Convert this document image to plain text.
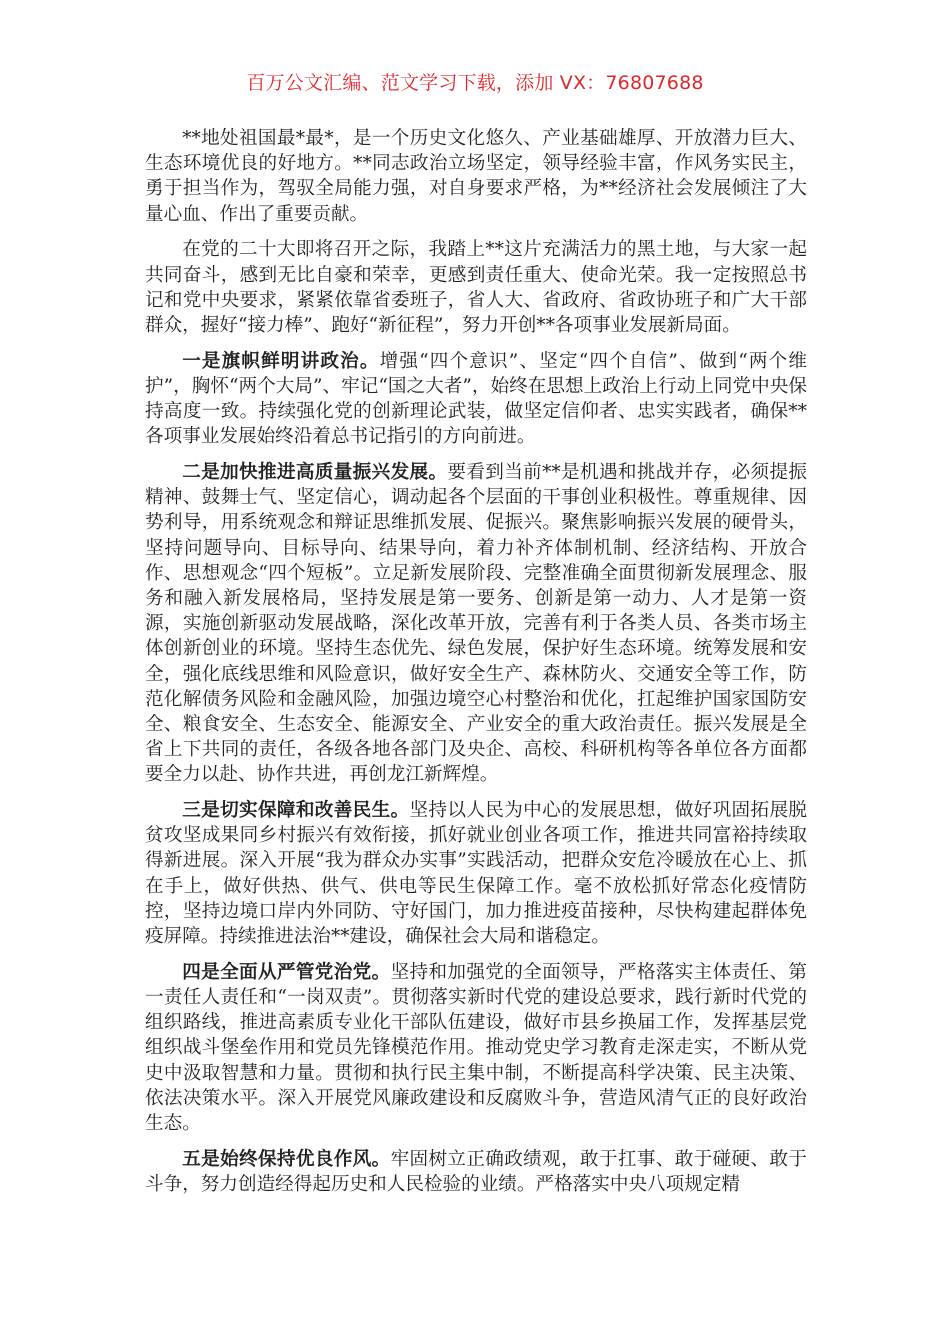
百万公文汇编、范文学习下载，添加 VX：76807688

**地处祖国最*最*，是一个历史文化悠久、产业基础雄厚、开放潜力巨大、生态环境优良的好地方。**同志政治立场坚定，领导经验丰富，作风务实民主，勇于担当作为，驾驭全局能力强，对自身要求严格，为**经济社会发展倾注了大量心血、作出了重要贡献。

在党的二十大即将召开之际，我踏上**这片充满活力的黑土地，与大家一起共同奋斗，感到无比自豪和荣幸，更感到责任重大、使命光荣。我一定按照总书记和党中央要求，紧紧依靠省委班子，省人大、省政府、省政协班子和广大干部群众，握好“接力棒”、跑好“新征程”，努力开创**各项事业发展新局面。

一是旗帜鲜明讲政治。增强“四个意识”、坚定“四个自信”、做到“两个维护”，胸怀“两个大局”、牢记“国之大者”，始终在思想上政治上行动上同党中央保持高度一致。持续强化党的创新理论武装，做坚定信仰者、忠实实践者，确保**各项事业发展始终沿着总书记指引的方向前进。

二是加快推进高质量振兴发展。要看到当前**是机遇和挑战并存，必须提振精神、鼓舞士气、坚定信心，调动起各个层面的干事创业积极性。尊重规律、因势利导，用系统观念和辩证思维抓发展、促振兴。聚焦影响振兴发展的硬骨头，坚持问题导向、目标导向、结果导向，着力补齐体制机制、经济结构、开放合作、思想观念“四个短板”。立足新发展阶段、完整准确全面贯彻新发展理念、服务和融入新发展格局，坚持发展是第一要务、创新是第一动力、人才是第一资源，实施创新驱动发展战略，深化改革开放，完善有利于各类人员、各类市场主体创新创业的环境。坚持生态优先、绿色发展，保护好生态环境。统筹发展和安全，强化底线思维和风险意识，做好安全生产、森林防火、交通安全等工作，防范化解债务风险和金融风险，加强边境空心村整治和优化，扛起维护国家国防安全、粮食安全、生态安全、能源安全、产业安全的重大政治责任。振兴发展是全省上下共同的责任，各级各地各部门及央企、高校、科研机构等各单位各方面都要全力以赴、协作共进，再创龙江新辉煌。

三是切实保障和改善民生。坚持以人民为中心的发展思想，做好巩固拓展脱贫攻坚成果同乡村振兴有效衔接，抓好就业创业各项工作，推进共同富裕持续取得新进展。深入开展“我为群众办实事”实践活动，把群众安危冷暖放在心上、抓在手上，做好供热、供气、供电等民生保障工作。毫不放松抓好常态化疫情防控，坚持边境口岸内外同防、守好国门，加力推进疫苗接种，尽快构建起群体免疫屏障。持续推进法治**建设，确保社会大局和谐稳定。

四是全面从严管党治党。坚持和加强党的全面领导，严格落实主体责任、第一责任人责任和“一岗双责”。贯彻落实新时代党的建设总要求，践行新时代党的组织路线，推进高素质专业化干部队伍建设，做好市县乡换届工作，发挥基层党组织战斗堡垒作用和党员先锋模范作用。推动党史学习教育走深走实，不断从党史中汲取智慧和力量。贯彻和执行民主集中制，不断提高科学决策、民主决策、依法决策水平。深入开展党风廉政建设和反腐败斗争，营造风清气正的良好政治生态。

五是始终保持优良作风。牢固树立正确政绩观，敢于扛事、敢于碰硬、敢于斗争，努力创造经得起历史和人民检验的业绩。严格落实中央八项规定精
